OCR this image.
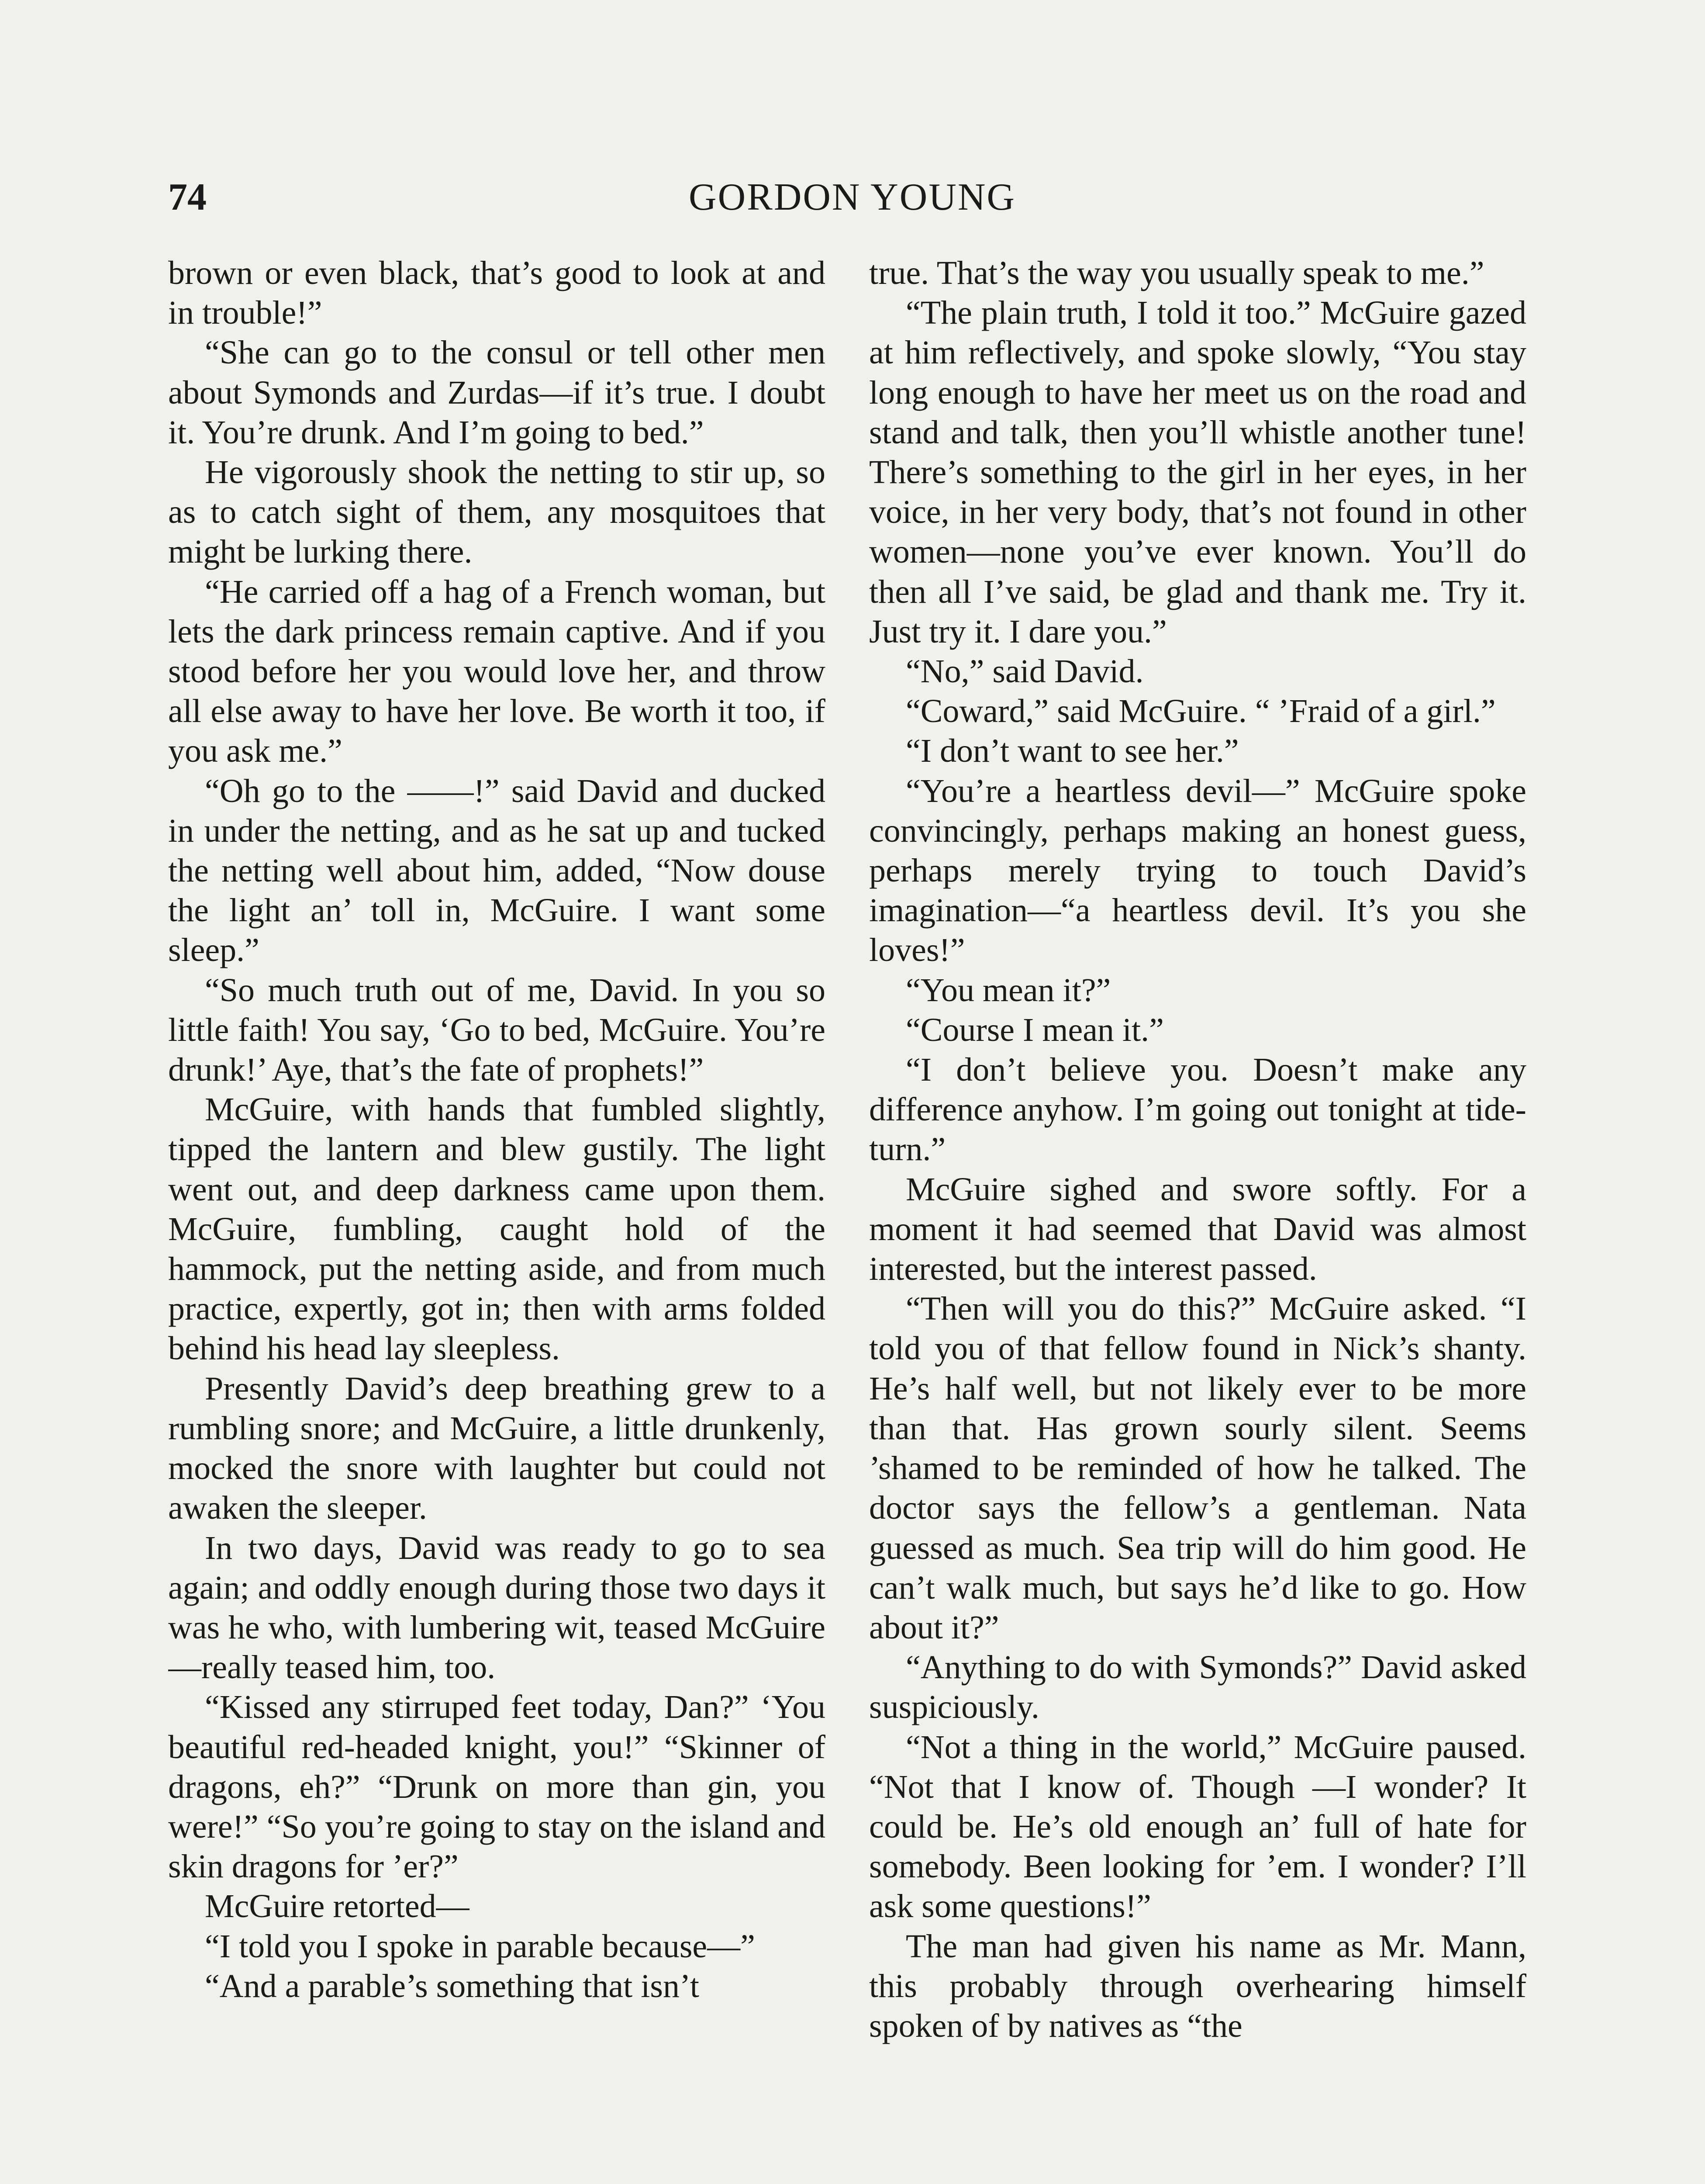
74	GORDON YOUNG

brown or even black, that’s good to look at and in trouble!”

“She can go to the consul or tell other men about Symonds and Zurdas—if it’s true. I doubt it. You’re drunk. And I’m going to bed.”

He vigorously shook the netting to stir up, so as to catch sight of them, any mosquitoes that might be lurking there.

“He carried off a hag of a French woman, but lets the dark princess remain captive. And if you stood before her you would love her, and throw all else away to have her love. Be worth it too, if you ask me.”

“Oh go to the ——!” said David and ducked in under the netting, and as he sat up and tucked the netting well about him, added, “Now douse the light an’ toll in, McGuire. I want some sleep.”

“So much truth out of me, David. In you so little faith! You say, ‘Go to bed, McGuire. You’re drunk!’ Aye, that’s the fate of prophets!”

McGuire, with hands that fumbled slightly, tipped the lantern and blew gustily. The light went out, and deep darkness came upon them. McGuire, fumbling, caught hold of the hammock, put the netting aside, and from much practice, expertly, got in; then with arms folded behind his head lay sleepless.

Presently David’s deep breathing grew to a rumbling snore; and McGuire, a little drunkenly, mocked the snore with laughter but could not awaken the sleeper.

In two days, David was ready to go to sea again; and oddly enough during those two days it was he who, with lumbering wit, teased McGuire—really teased him, too.

“Kissed any stirruped feet today, Dan?” ‘You beautiful red-headed knight, you!” “Skinner of dragons, eh?” “Drunk on more than gin, you were!” “So you’re going to stay on the island and skin dragons for ’er?”

McGuire retorted—

“I told you I spoke in parable because—”

“And a parable’s something that isn’t

true. That’s the way you usually speak to me.”

“The plain truth, I told it too.” McGuire gazed at him reflectively, and spoke slowly, “You stay long enough to have her meet us on the road and stand and talk, then you’ll whistle another tune! There’s something to the girl in her eyes, in her voice, in her very body, that’s not found in other women—none you’ve ever known. You’ll do then all I’ve said, be glad and thank me. Try it. Just try it. I dare you.”

“No,” said David.

“Coward,” said McGuire. “ ’Fraid of a girl.”

“I don’t want to see her.”

“You’re a heartless devil—” McGuire spoke convincingly, perhaps making an honest guess, perhaps merely trying to touch David’s imagination—“a heartless devil. It’s you she loves!”

“You mean it?”

“Course I mean it.”

“I don’t believe you. Doesn’t make any difference anyhow. I’m going out tonight at tide-turn.”

McGuire sighed and swore softly. For a moment it had seemed that David was almost interested, but the interest passed.

“Then will you do this?” McGuire asked. “I told you of that fellow found in Nick’s shanty. He’s half well, but not likely ever to be more than that. Has grown sourly silent. Seems ’shamed to be reminded of how he talked. The doctor says the fellow’s a gentleman. Nata guessed as much. Sea trip will do him good. He can’t walk much, but says he’d like to go. How about it?”

“Anything to do with Symonds?” David asked suspiciously.

“Not a thing in the world,” McGuire paused. “Not that I know of. Though —I wonder? It could be. He’s old enough an’ full of hate for somebody. Been looking for ’em. I wonder? I’ll ask some questions!”

The man had given his name as Mr. Mann, this probably through overhearing himself spoken of by natives as “the
